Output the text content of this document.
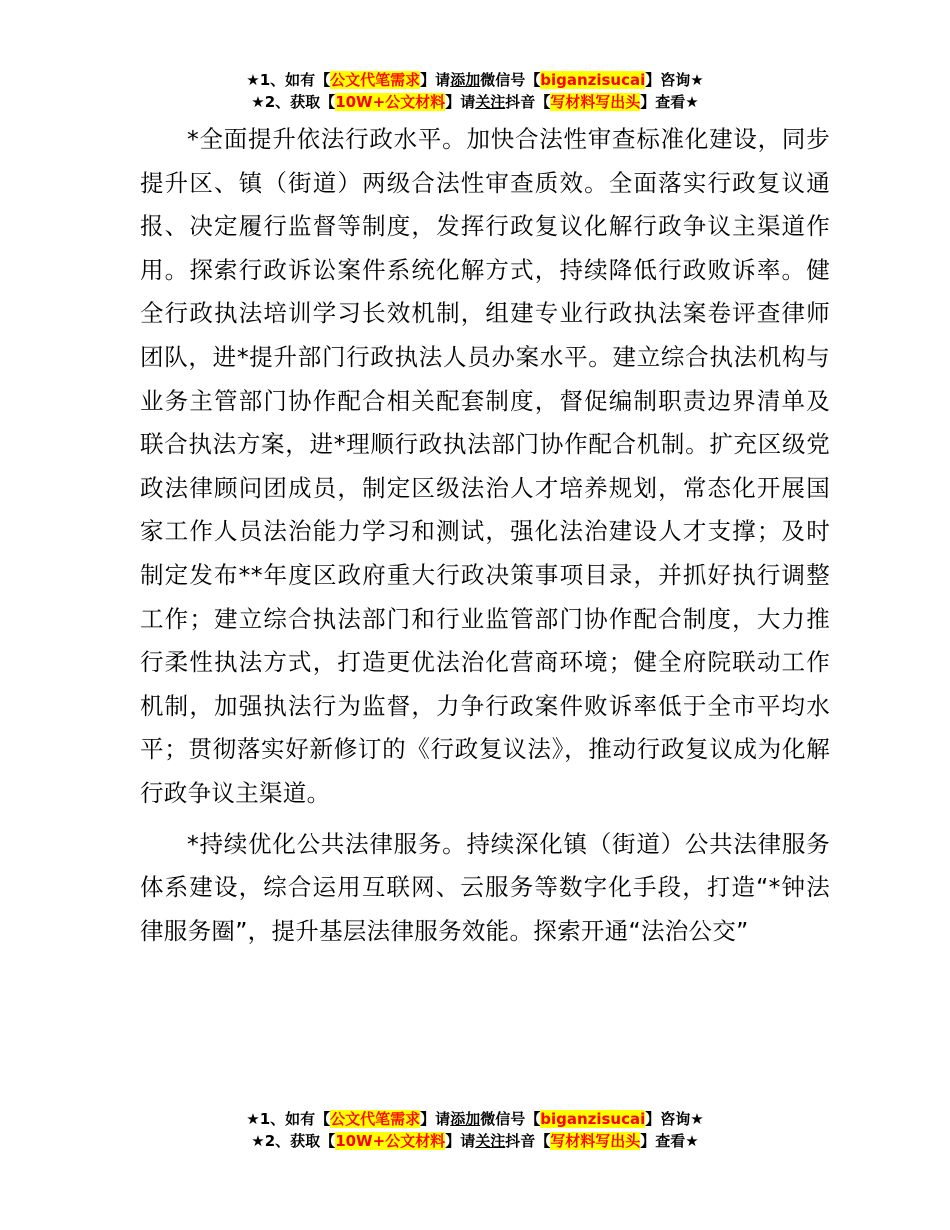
★1、如有【公文代笔需求】请添加微信号【biganzisucai】咨询★
★2、获取【10W+公文材料】请关注抖音【写材料写出头】查看★

*全面提升依法行政水平。加快合法性审查标准化建设，同步提升区、镇（街道）两级合法性审查质效。全面落实行政复议通报、决定履行监督等制度，发挥行政复议化解行政争议主渠道作用。探索行政诉讼案件系统化解方式，持续降低行政败诉率。健全行政执法培训学习长效机制，组建专业行政执法案卷评查律师团队，进*提升部门行政执法人员办案水平。建立综合执法机构与业务主管部门协作配合相关配套制度，督促编制职责边界清单及联合执法方案，进*理顺行政执法部门协作配合机制。扩充区级党政法律顾问团成员，制定区级法治人才培养规划，常态化开展国家工作人员法治能力学习和测试，强化法治建设人才支撑；及时制定发布**年度区政府重大行政决策事项目录，并抓好执行调整工作；建立综合执法部门和行业监管部门协作配合制度，大力推行柔性执法方式，打造更优法治化营商环境；健全府院联动工作机制，加强执法行为监督，力争行政案件败诉率低于全市平均水平；贯彻落实好新修订的《行政复议法》，推动行政复议成为化解行政争议主渠道。

*持续优化公共法律服务。持续深化镇（街道）公共法律服务体系建设，综合运用互联网、云服务等数字化手段，打造“*钟法律服务圈”，提升基层法律服务效能。探索开通“法治公交”

★1、如有【公文代笔需求】请添加微信号【biganzisucai】咨询★
★2、获取【10W+公文材料】请关注抖音【写材料写出头】查看★
